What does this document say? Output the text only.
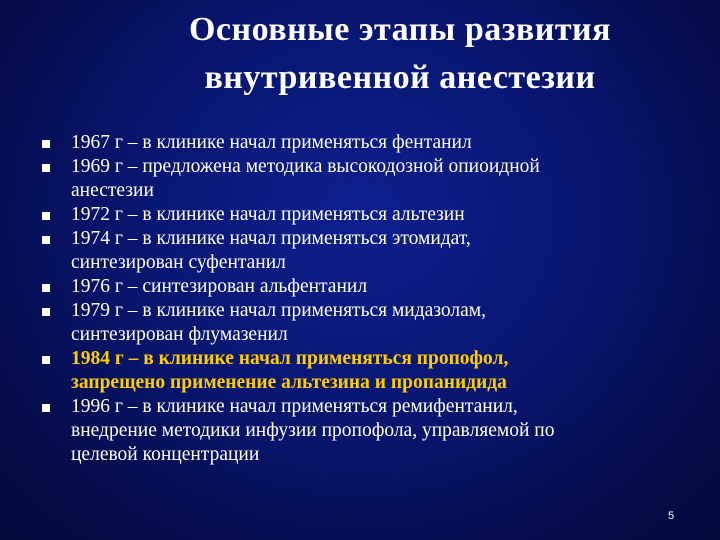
Основные этапы развития
внутривенной анестезии
1967 г – в клинике начал применяться фентанил
1969 г – предложена методика высокодозной опиоидной
анестезии
1972 г – в клинике начал применяться альтезин
1974 г – в клинике начал применяться этомидат,
синтезирован суфентанил
1976 г – синтезирован альфентанил
1979 г – в клинике начал применяться мидазолам,
синтезирован флумазенил
1984 г – в клинике начал применяться пропофол,
запрещено применение альтезина и пропанидида
1996 г – в клинике начал применяться ремифентанил,
внедрение методики инфузии пропофола, управляемой по
целевой концентрации
5
